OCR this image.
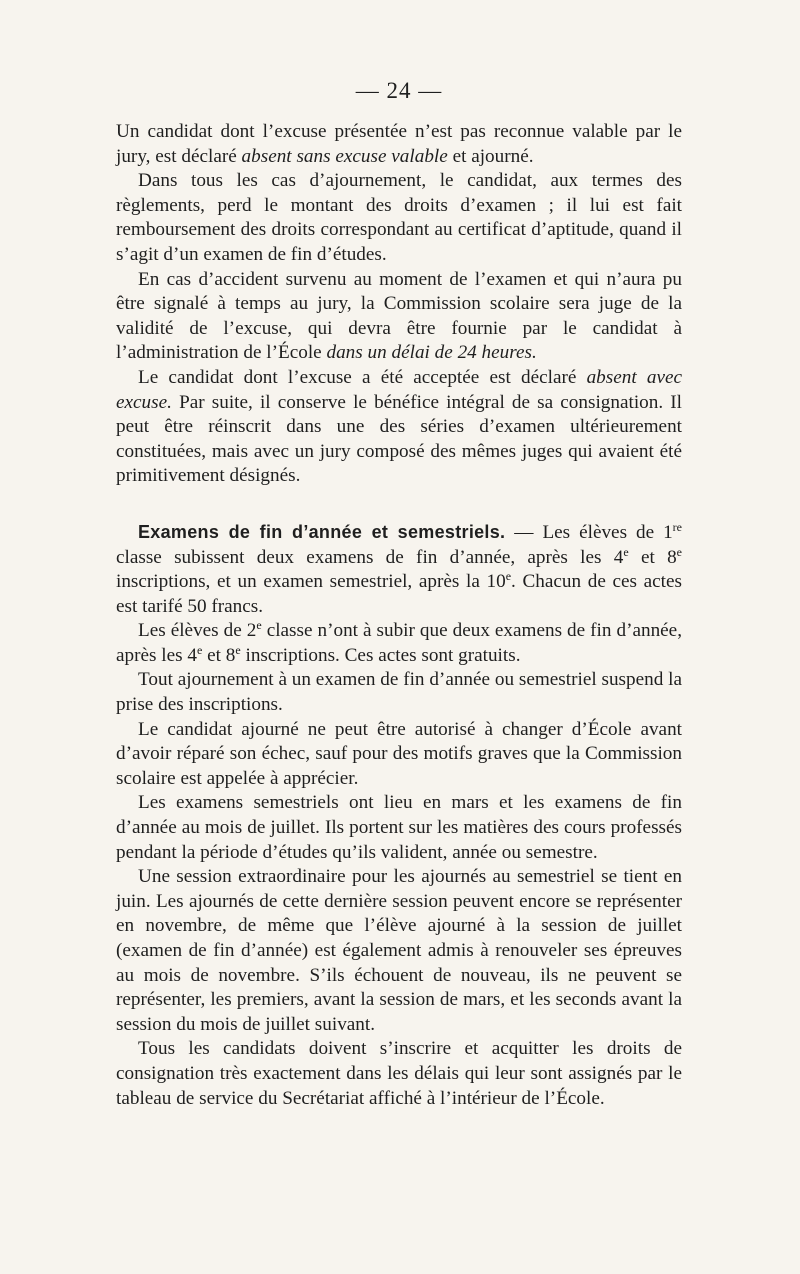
— 24 —

Un candidat dont l’excuse présentée n’est pas reconnue valable par le jury, est déclaré absent sans excuse valable et ajourné.

Dans tous les cas d’ajournement, le candidat, aux termes des règlements, perd le montant des droits d’examen ; il lui est fait remboursement des droits correspondant au certificat d’aptitude, quand il s’agit d’un examen de fin d’études.

En cas d’accident survenu au moment de l’examen et qui n’aura pu être signalé à temps au jury, la Commission scolaire sera juge de la validité de l’excuse, qui devra être fournie par le candidat à l’administration de l’École dans un délai de 24 heures.

Le candidat dont l’excuse a été acceptée est déclaré absent avec excuse. Par suite, il conserve le bénéfice intégral de sa consignation. Il peut être réinscrit dans une des séries d’examen ultérieurement constituées, mais avec un jury composé des mêmes juges qui avaient été primitivement désignés.

Examens de fin d’année et semestriels. — Les élèves de 1re classe subissent deux examens de fin d’année, après les 4e et 8e inscriptions, et un examen semestriel, après la 10e. Chacun de ces actes est tarifé 50 francs.

Les élèves de 2e classe n’ont à subir que deux examens de fin d’année, après les 4e et 8e inscriptions. Ces actes sont gratuits.

Tout ajournement à un examen de fin d’année ou semestriel suspend la prise des inscriptions.

Le candidat ajourné ne peut être autorisé à changer d’École avant d’avoir réparé son échec, sauf pour des motifs graves que la Commission scolaire est appelée à apprécier.

Les examens semestriels ont lieu en mars et les examens de fin d’année au mois de juillet. Ils portent sur les matières des cours professés pendant la période d’études qu’ils valident, année ou semestre.

Une session extraordinaire pour les ajournés au semestriel se tient en juin. Les ajournés de cette dernière session peuvent encore se représenter en novembre, de même que l’élève ajourné à la session de juillet (examen de fin d’année) est également admis à renouveler ses épreuves au mois de novembre. S’ils échouent de nouveau, ils ne peuvent se représenter, les premiers, avant la session de mars, et les seconds avant la session du mois de juillet suivant.

Tous les candidats doivent s’inscrire et acquitter les droits de consignation très exactement dans les délais qui leur sont assignés par le tableau de service du Secrétariat affiché à l’intérieur de l’École.
